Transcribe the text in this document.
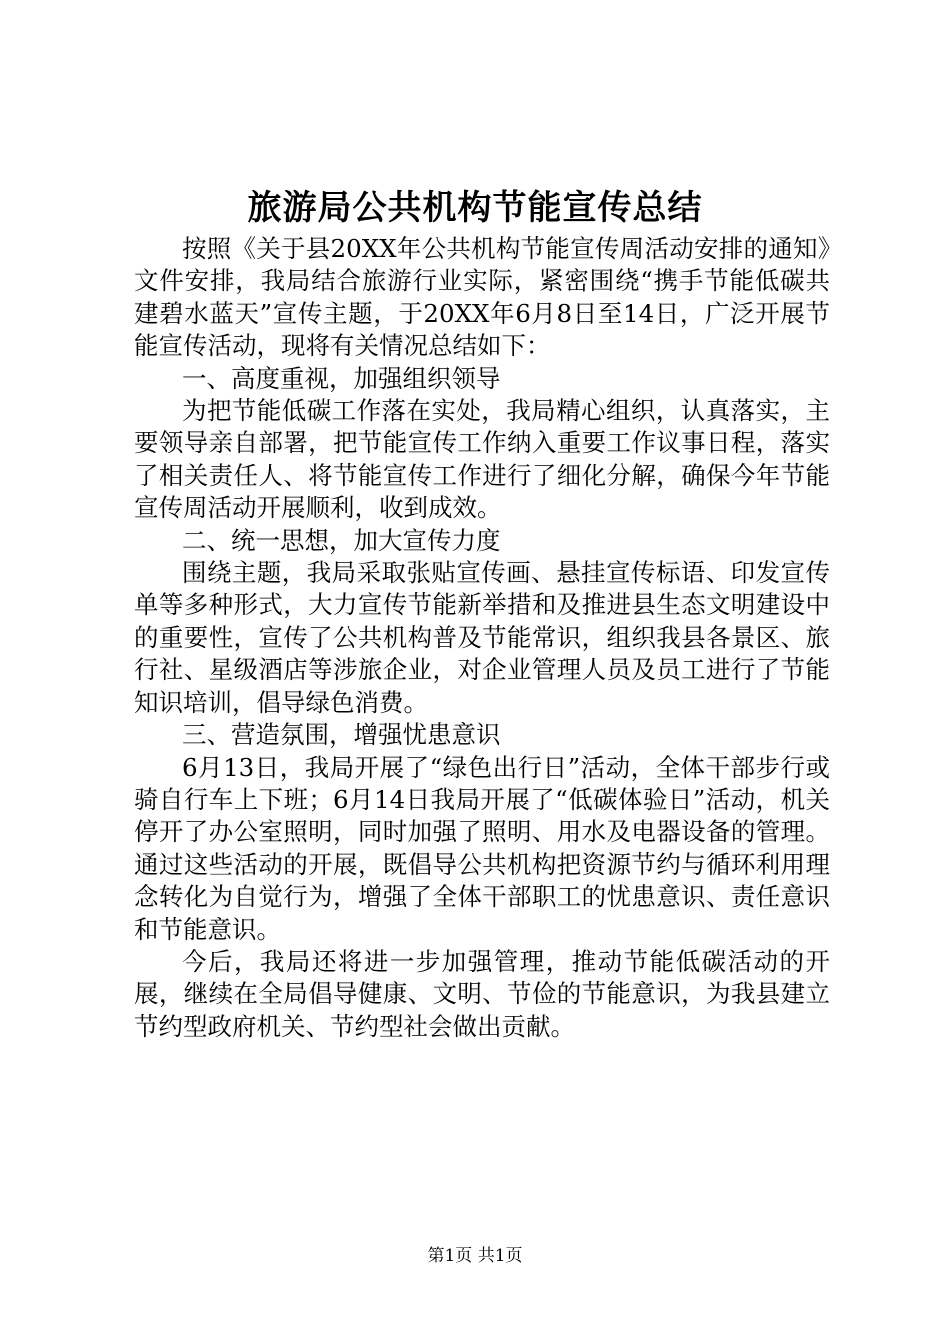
旅游局公共机构节能宣传总结

按照《关于县20XX年公共机构节能宣传周活动安排的通知》文件安排，我局结合旅游行业实际，紧密围绕“携手节能低碳共建碧水蓝天”宣传主题，于20XX年6月8日至14日，广泛开展节能宣传活动，现将有关情况总结如下：

一、高度重视，加强组织领导

为把节能低碳工作落在实处，我局精心组织，认真落实，主要领导亲自部署，把节能宣传工作纳入重要工作议事日程，落实了相关责任人、将节能宣传工作进行了细化分解，确保今年节能宣传周活动开展顺利，收到成效。

二、统一思想，加大宣传力度

围绕主题，我局采取张贴宣传画、悬挂宣传标语、印发宣传单等多种形式，大力宣传节能新举措和及推进县生态文明建设中的重要性，宣传了公共机构普及节能常识，组织我县各景区、旅行社、星级酒店等涉旅企业，对企业管理人员及员工进行了节能知识培训，倡导绿色消费。

三、营造氛围，增强忧患意识

6月13日，我局开展了“绿色出行日”活动，全体干部步行或骑自行车上下班；6月14日我局开展了“低碳体验日”活动，机关停开了办公室照明，同时加强了照明、用水及电器设备的管理。通过这些活动的开展，既倡导公共机构把资源节约与循环利用理念转化为自觉行为，增强了全体干部职工的忧患意识、责任意识和节能意识。

今后，我局还将进一步加强管理，推动节能低碳活动的开展，继续在全局倡导健康、文明、节俭的节能意识，为我县建立节约型政府机关、节约型社会做出贡献。

第1页 共1页
